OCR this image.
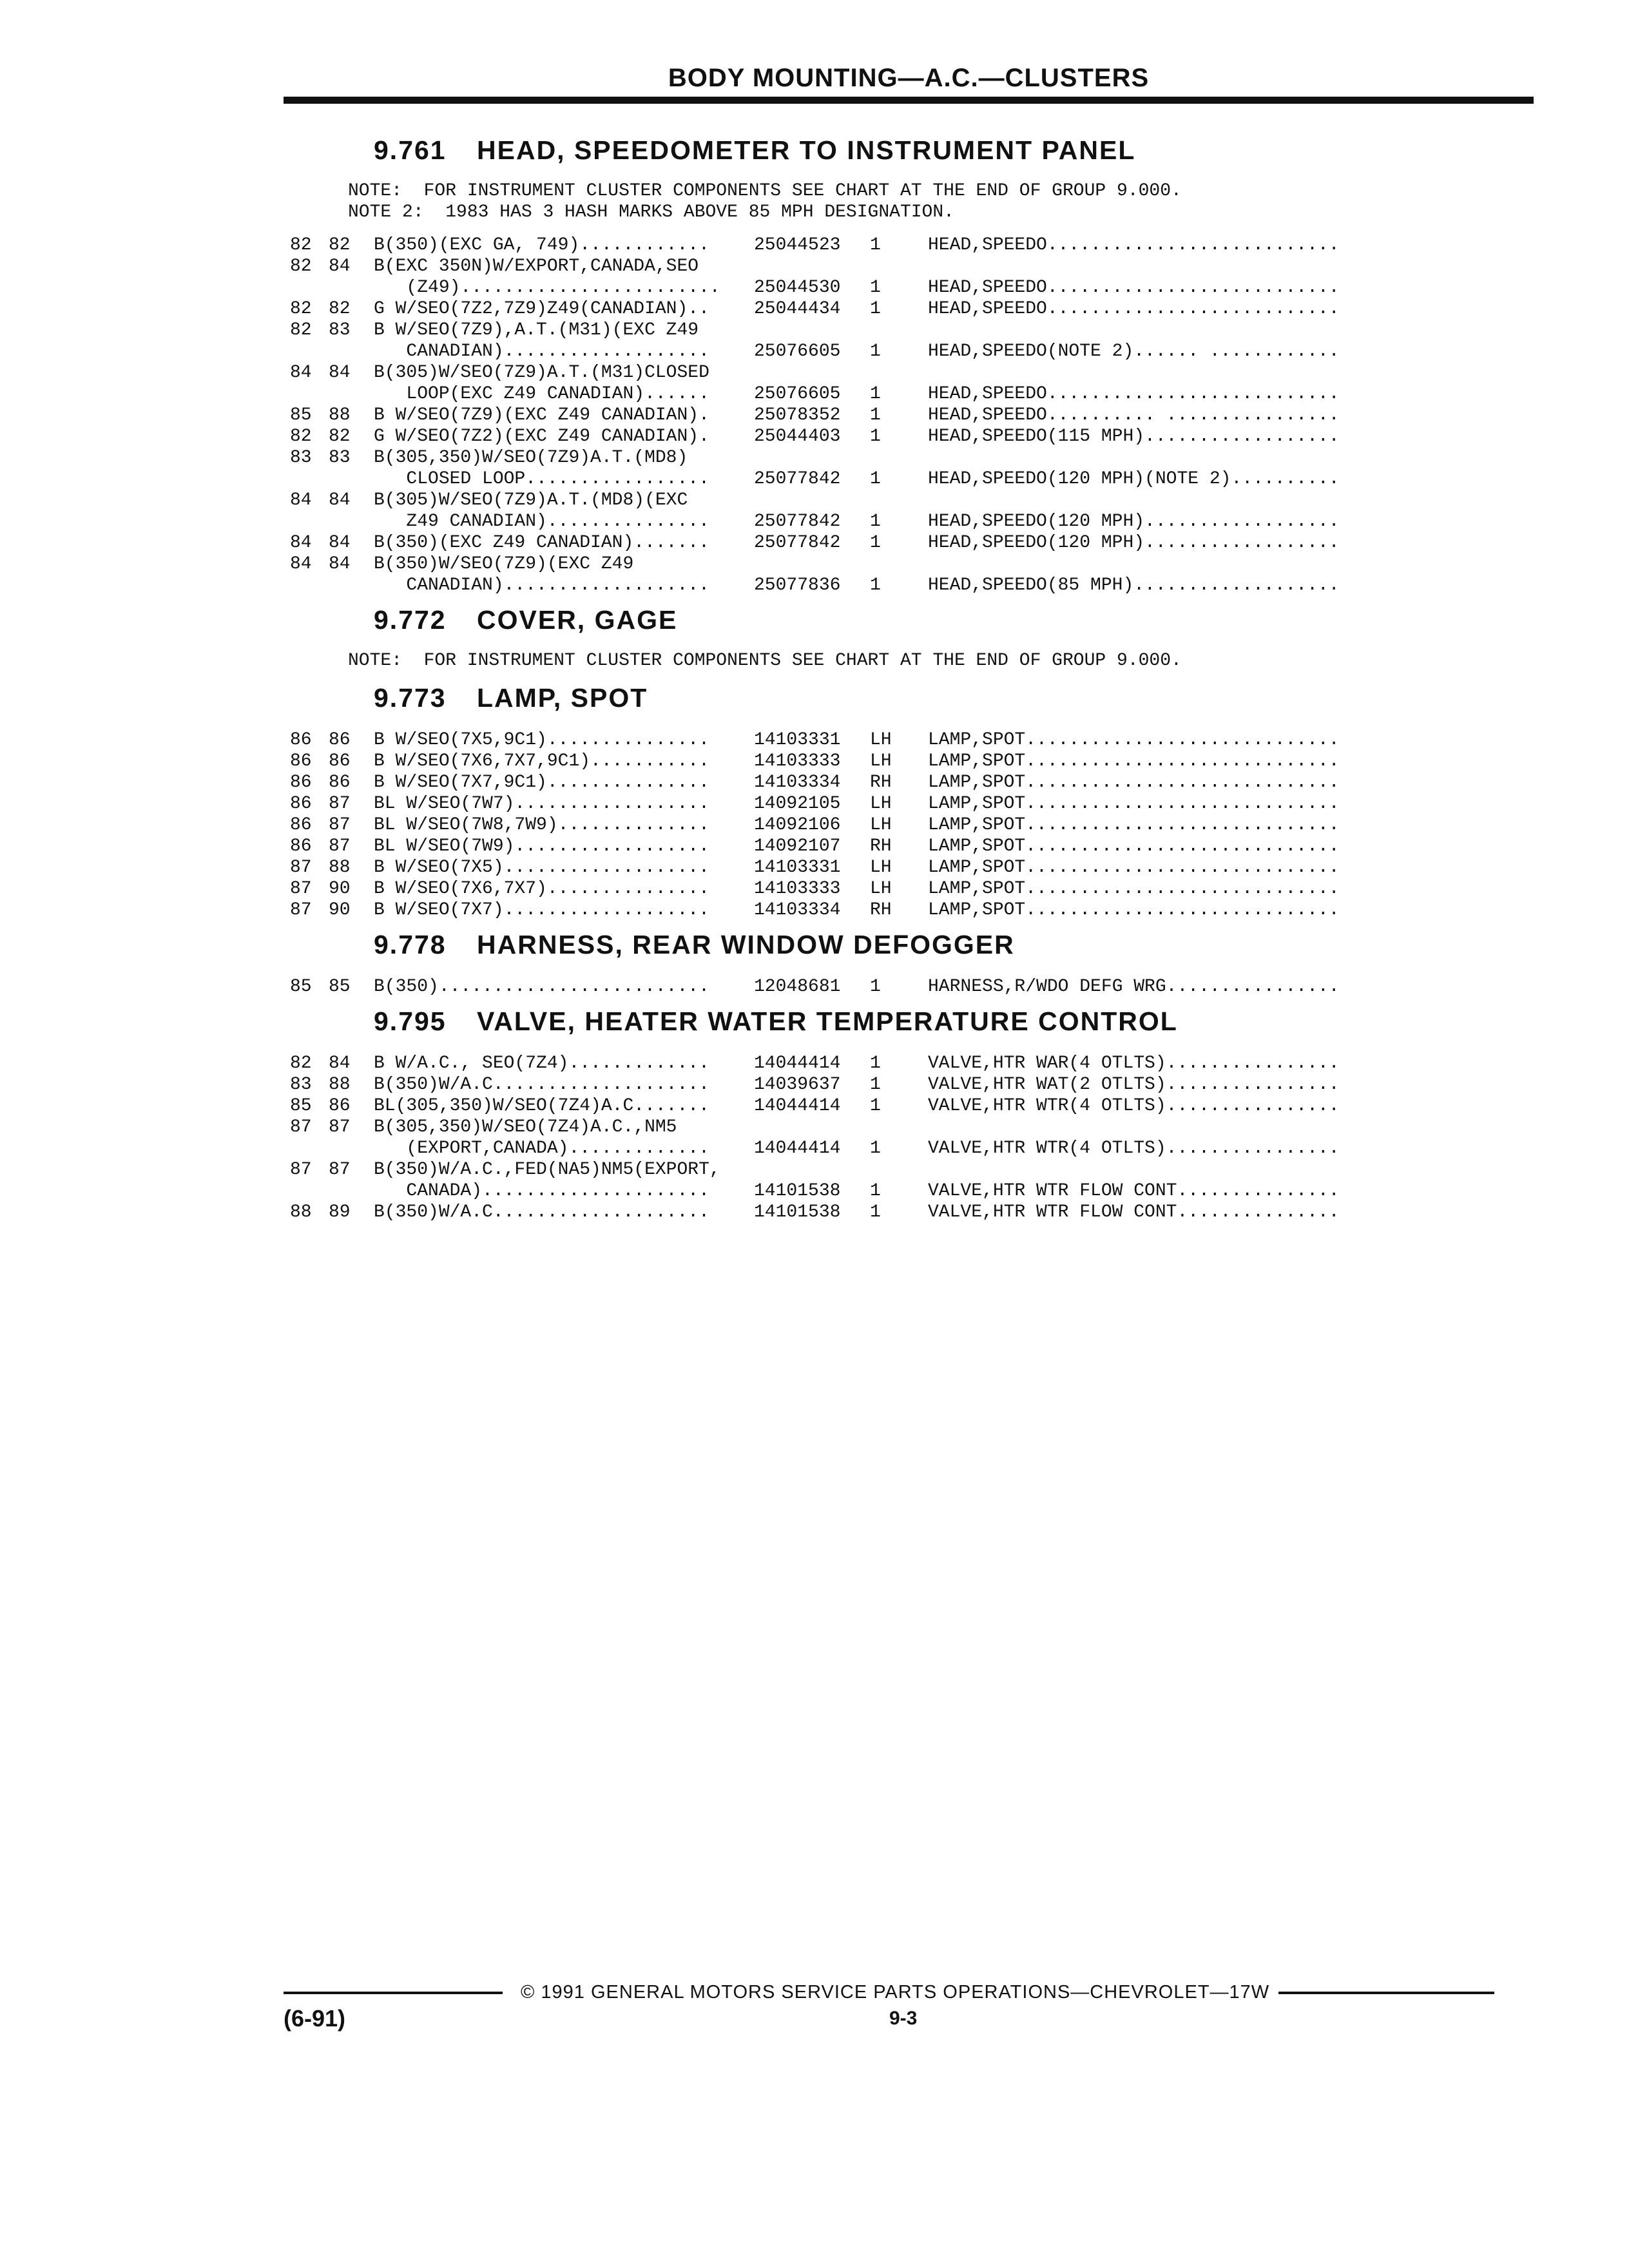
BODY MOUNTING—A.C.—CLUSTERS
9.761	HEAD, SPEEDOMETER TO INSTRUMENT PANEL
NOTE:  FOR INSTRUMENT CLUSTER COMPONENTS SEE CHART AT THE END OF GROUP 9.000.
NOTE 2:  1983 HAS 3 HASH MARKS ABOVE 85 MPH DESIGNATION.
82 82	B(350)(EXC GA, 749)............	25044523	1	HEAD,SPEEDO...........................
82 84	B(EXC 350N)W/EXPORT,CANADA,SEO
(Z49)........................	25044530	1	HEAD,SPEEDO...........................
82 82	G W/SEO(7Z2,7Z9)Z49(CANADIAN)..	25044434	1	HEAD,SPEEDO...........................
82 83	B W/SEO(7Z9),A.T.(M31)(EXC Z49
CANADIAN)...................	25076605	1	HEAD,SPEEDO(NOTE 2)...... ............
84 84	B(305)W/SEO(7Z9)A.T.(M31)CLOSED
LOOP(EXC Z49 CANADIAN)......	25076605	1	HEAD,SPEEDO...........................
85 88	B W/SEO(7Z9)(EXC Z49 CANADIAN).	25078352	1	HEAD,SPEEDO.......... ................
82 82	G W/SEO(7Z2)(EXC Z49 CANADIAN).	25044403	1	HEAD,SPEEDO(115 MPH)..................
83 83	B(305,350)W/SEO(7Z9)A.T.(MD8)
CLOSED LOOP.................	25077842	1	HEAD,SPEEDO(120 MPH)(NOTE 2)..........
84 84	B(305)W/SEO(7Z9)A.T.(MD8)(EXC
Z49 CANADIAN)...............	25077842	1	HEAD,SPEEDO(120 MPH)..................
84 84	B(350)(EXC Z49 CANADIAN).......	25077842	1	HEAD,SPEEDO(120 MPH)..................
84 84	B(350)W/SEO(7Z9)(EXC Z49
CANADIAN)...................	25077836	1	HEAD,SPEEDO(85 MPH)...................
9.772	COVER, GAGE
NOTE:  FOR INSTRUMENT CLUSTER COMPONENTS SEE CHART AT THE END OF GROUP 9.000.
9.773	LAMP, SPOT
86 86	B W/SEO(7X5,9C1)...............	14103331	LH	LAMP,SPOT.............................
86 86	B W/SEO(7X6,7X7,9C1)...........	14103333	LH	LAMP,SPOT.............................
86 86	B W/SEO(7X7,9C1)...............	14103334	RH	LAMP,SPOT.............................
86 87	BL W/SEO(7W7)..................	14092105	LH	LAMP,SPOT.............................
86 87	BL W/SEO(7W8,7W9)..............	14092106	LH	LAMP,SPOT.............................
86 87	BL W/SEO(7W9)..................	14092107	RH	LAMP,SPOT.............................
87 88	B W/SEO(7X5)...................	14103331	LH	LAMP,SPOT.............................
87 90	B W/SEO(7X6,7X7)...............	14103333	LH	LAMP,SPOT.............................
87 90	B W/SEO(7X7)...................	14103334	RH	LAMP,SPOT.............................
9.778	HARNESS, REAR WINDOW DEFOGGER
85 85	B(350).........................	12048681	1	HARNESS,R/WDO DEFG WRG................
9.795	VALVE, HEATER WATER TEMPERATURE CONTROL
82 84	B W/A.C., SEO(7Z4).............	14044414	1	VALVE,HTR WAR(4 OTLTS)................
83 88	B(350)W/A.C....................	14039637	1	VALVE,HTR WAT(2 OTLTS)................
85 86	BL(305,350)W/SEO(7Z4)A.C.......	14044414	1	VALVE,HTR WTR(4 OTLTS)................
87 87	B(305,350)W/SEO(7Z4)A.C.,NM5
(EXPORT,CANADA).............	14044414	1	VALVE,HTR WTR(4 OTLTS)................
87 87	B(350)W/A.C.,FED(NA5)NM5(EXPORT,
CANADA).....................	14101538	1	VALVE,HTR WTR FLOW CONT...............
88 89	B(350)W/A.C....................	14101538	1	VALVE,HTR WTR FLOW CONT...............
© 1991 GENERAL MOTORS SERVICE PARTS OPERATIONS—CHEVROLET—17W
(6-91)	9-3
